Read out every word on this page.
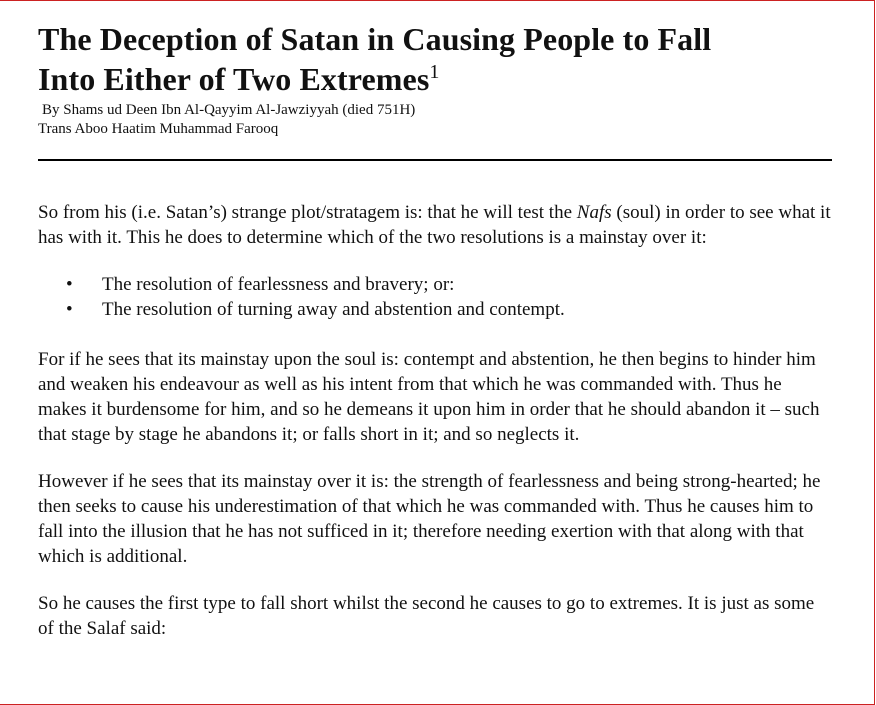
The Deception of Satan in Causing People to Fall
Into Either of Two Extremes$^1$
By Shams ud Deen Ibn Al-Qayyim Al-Jawziyyah (died 751H)
Trans Aboo Haatim Muhammad Farooq

So from his (i.e. Satan’s) strange plot/stratagem is: that he will test the Nafs (soul) in order to see what it has with it. This he does to determine which of the two resolutions is a mainstay over it:

• The resolution of fearlessness and bravery; or:
• The resolution of turning away and abstention and contempt.

For if he sees that its mainstay upon the soul is: contempt and abstention, he then begins to hinder him and weaken his endeavour as well as his intent from that which he was commanded with. Thus he makes it burdensome for him, and so he demeans it upon him in order that he should abandon it – such that stage by stage he abandons it; or falls short in it; and so neglects it.

However if he sees that its mainstay over it is: the strength of fearlessness and being strong-hearted; he then seeks to cause his underestimation of that which he was commanded with. Thus he causes him to fall into the illusion that he has not sufficed in it; therefore needing exertion with that along with that which is additional.

So he causes the first type to fall short whilst the second he causes to go to extremes. It is just as some of the Salaf said:
